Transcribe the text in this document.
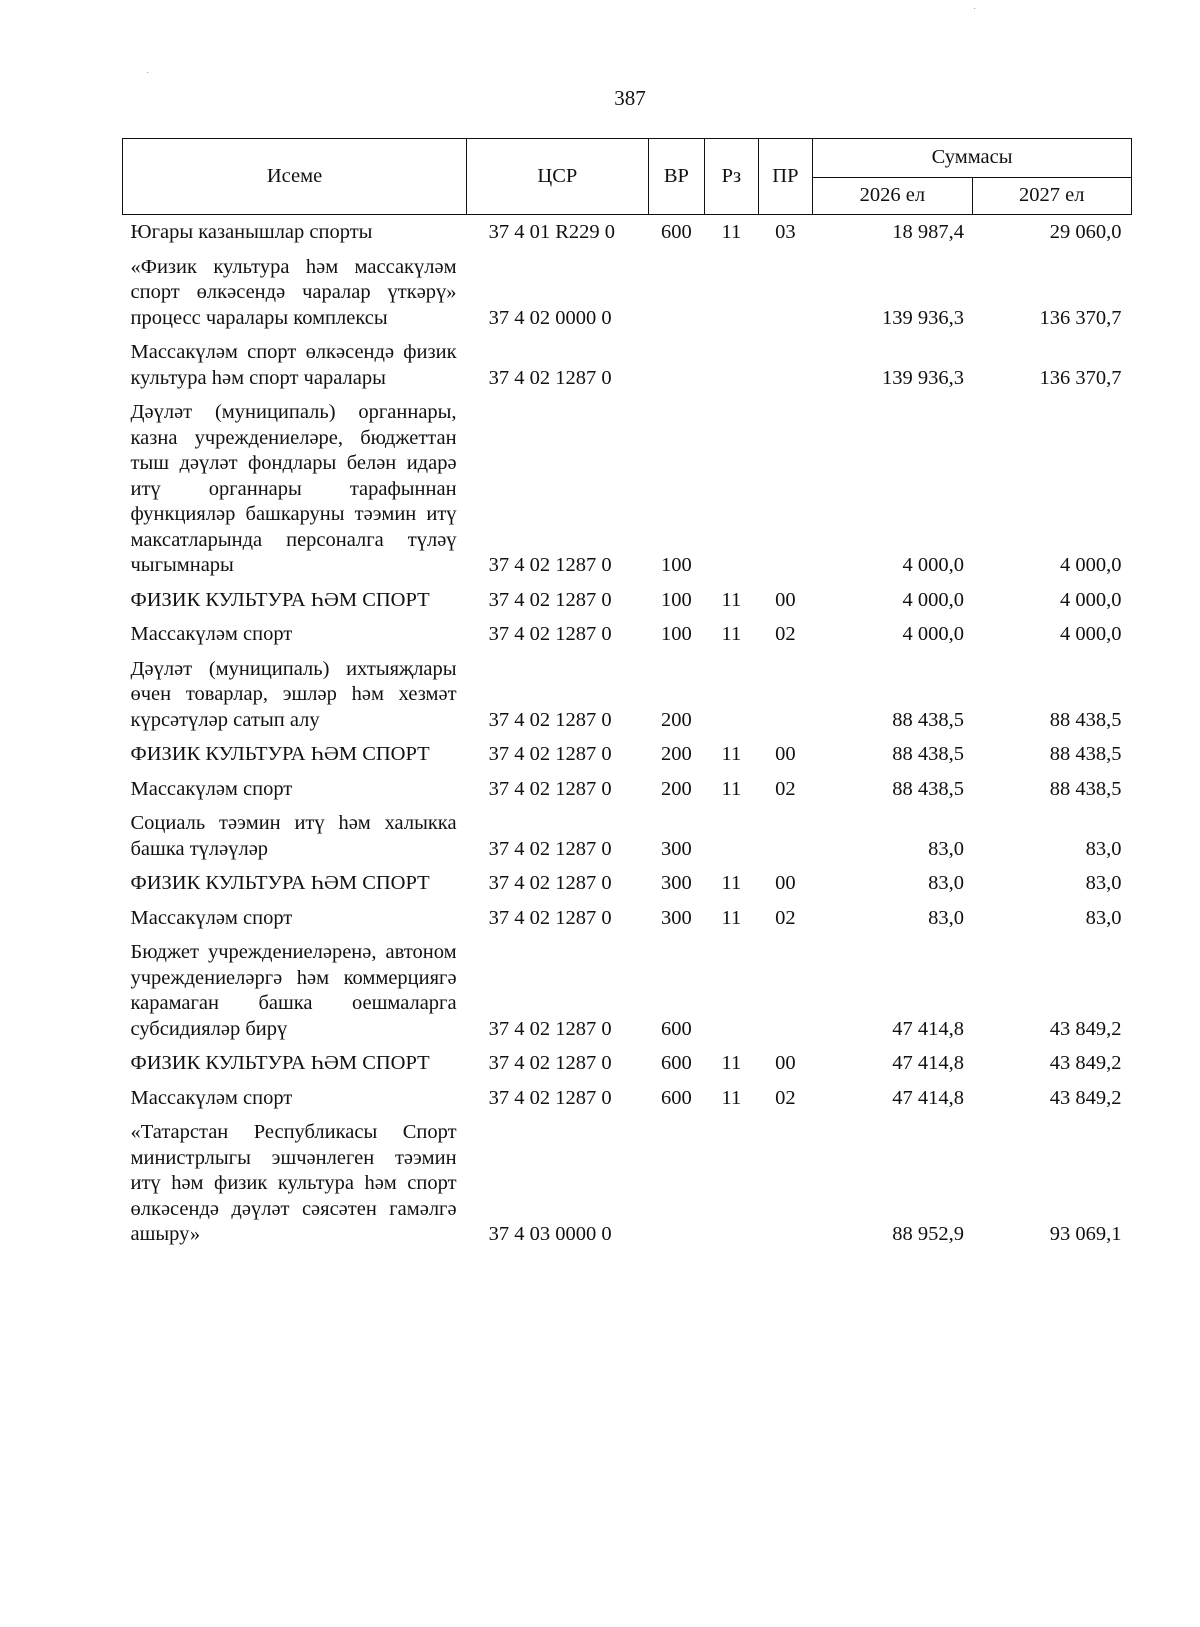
387
·
·
Исеме	ЦСР	ВР	Рз	ПР	Суммасы	
					2026 ел	2027 ел
Югары казанышлар спорты	37 4 01 R229 0	600	11	03	18 987,4	29 060,0
«Физик культура һәм массакүләм спорт өлкәсендә чаралар үткәрү» процесс чаралары комплексы	37 4 02 0000 0				139 936,3	136 370,7
Массакүләм спорт өлкәсендә физик культура һәм спорт чаралары	37 4 02 1287 0				139 936,3	136 370,7
Дәүләт (муниципаль) органнары, казна учреждениеләре, бюджеттан тыш дәүләт фондлары белән идарә итү органнары тарафыннан функцияләр башкаруны тәэмин итү максатларында персоналга түләү чыгымнары	37 4 02 1287 0	100			4 000,0	4 000,0
ФИЗИК КУЛЬТУРА ҺӘМ СПОРТ	37 4 02 1287 0	100	11	00	4 000,0	4 000,0
Массакүләм спорт	37 4 02 1287 0	100	11	02	4 000,0	4 000,0
Дәүләт (муниципаль) ихтыяҗлары өчен товарлар, эшләр һәм хезмәт күрсәтүләр сатып алу	37 4 02 1287 0	200			88 438,5	88 438,5
ФИЗИК КУЛЬТУРА ҺӘМ СПОРТ	37 4 02 1287 0	200	11	00	88 438,5	88 438,5
Массакүләм спорт	37 4 02 1287 0	200	11	02	88 438,5	88 438,5
Социаль тәэмин итү һәм халыкка башка түләүләр	37 4 02 1287 0	300			83,0	83,0
ФИЗИК КУЛЬТУРА ҺӘМ СПОРТ	37 4 02 1287 0	300	11	00	83,0	83,0
Массакүләм спорт	37 4 02 1287 0	300	11	02	83,0	83,0
Бюджет учреждениеләренә, автоном учреждениеләргә һәм коммерциягә карамаган башка оешмаларга субсидияләр бирү	37 4 02 1287 0	600			47 414,8	43 849,2
ФИЗИК КУЛЬТУРА ҺӘМ СПОРТ	37 4 02 1287 0	600	11	00	47 414,8	43 849,2
Массакүләм спорт	37 4 02 1287 0	600	11	02	47 414,8	43 849,2
«Татарстан Республикасы Спорт министрлыгы эшчәнлеген тәэмин итү һәм физик культура һәм спорт өлкәсендә дәүләт сәясәтен гамәлгә ашыру»	37 4 03 0000 0				88 952,9	93 069,1
